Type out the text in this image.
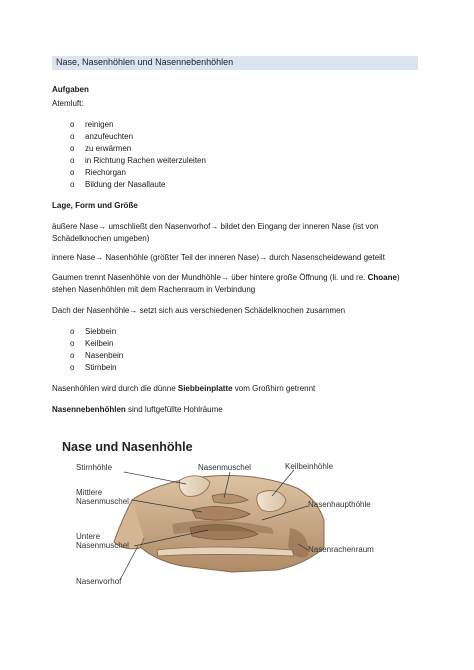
Nase, Nasenhöhlen und Nasennebenhöhlen
Aufgaben
Atemluft:
o reinigen
o anzufeuchten
o zu erwärmen
o in Richtung Rachen weiterzuleiten
o Riechorgan
o Bildung der Nasallaute
Lage, Form und Größe
äußere Nase→ umschließt den Nasenvorhof→ bildet den Eingang der inneren Nase (ist von
Schädelknochen umgeben)
innere Nase→ Nasenhöhle (größter Teil der inneren Nase)→ durch Nasenscheidewand geteilt
Gaumen trennt Nasenhöhle von der Mundhöhle→ über hintere große Öffnung (li. und re. Choane)
stehen Nasenhöhlen mit dem Rachenraum in Verbindung
Dach der Nasenhöhle→ setzt sich aus verschiedenen Schädelknochen zusammen
o Siebbein
o Keilbein
o Nasenbein
o Stirnbein
Nasenhöhlen wird durch die dünne Siebbeinplatte vom Großhirn getrennt
Nasennebenhöhlen sind luftgefüllte Hohlräume
Nase und Nasenhöhle
Stirnhöhle	Nasenmuschel	Keilbeinhöhle
Mittlere
Nasenmuschel	Nasenhaupthöhle
Untere
Nasenmuschel	Nasenrachenraum
Nasenvorhof
